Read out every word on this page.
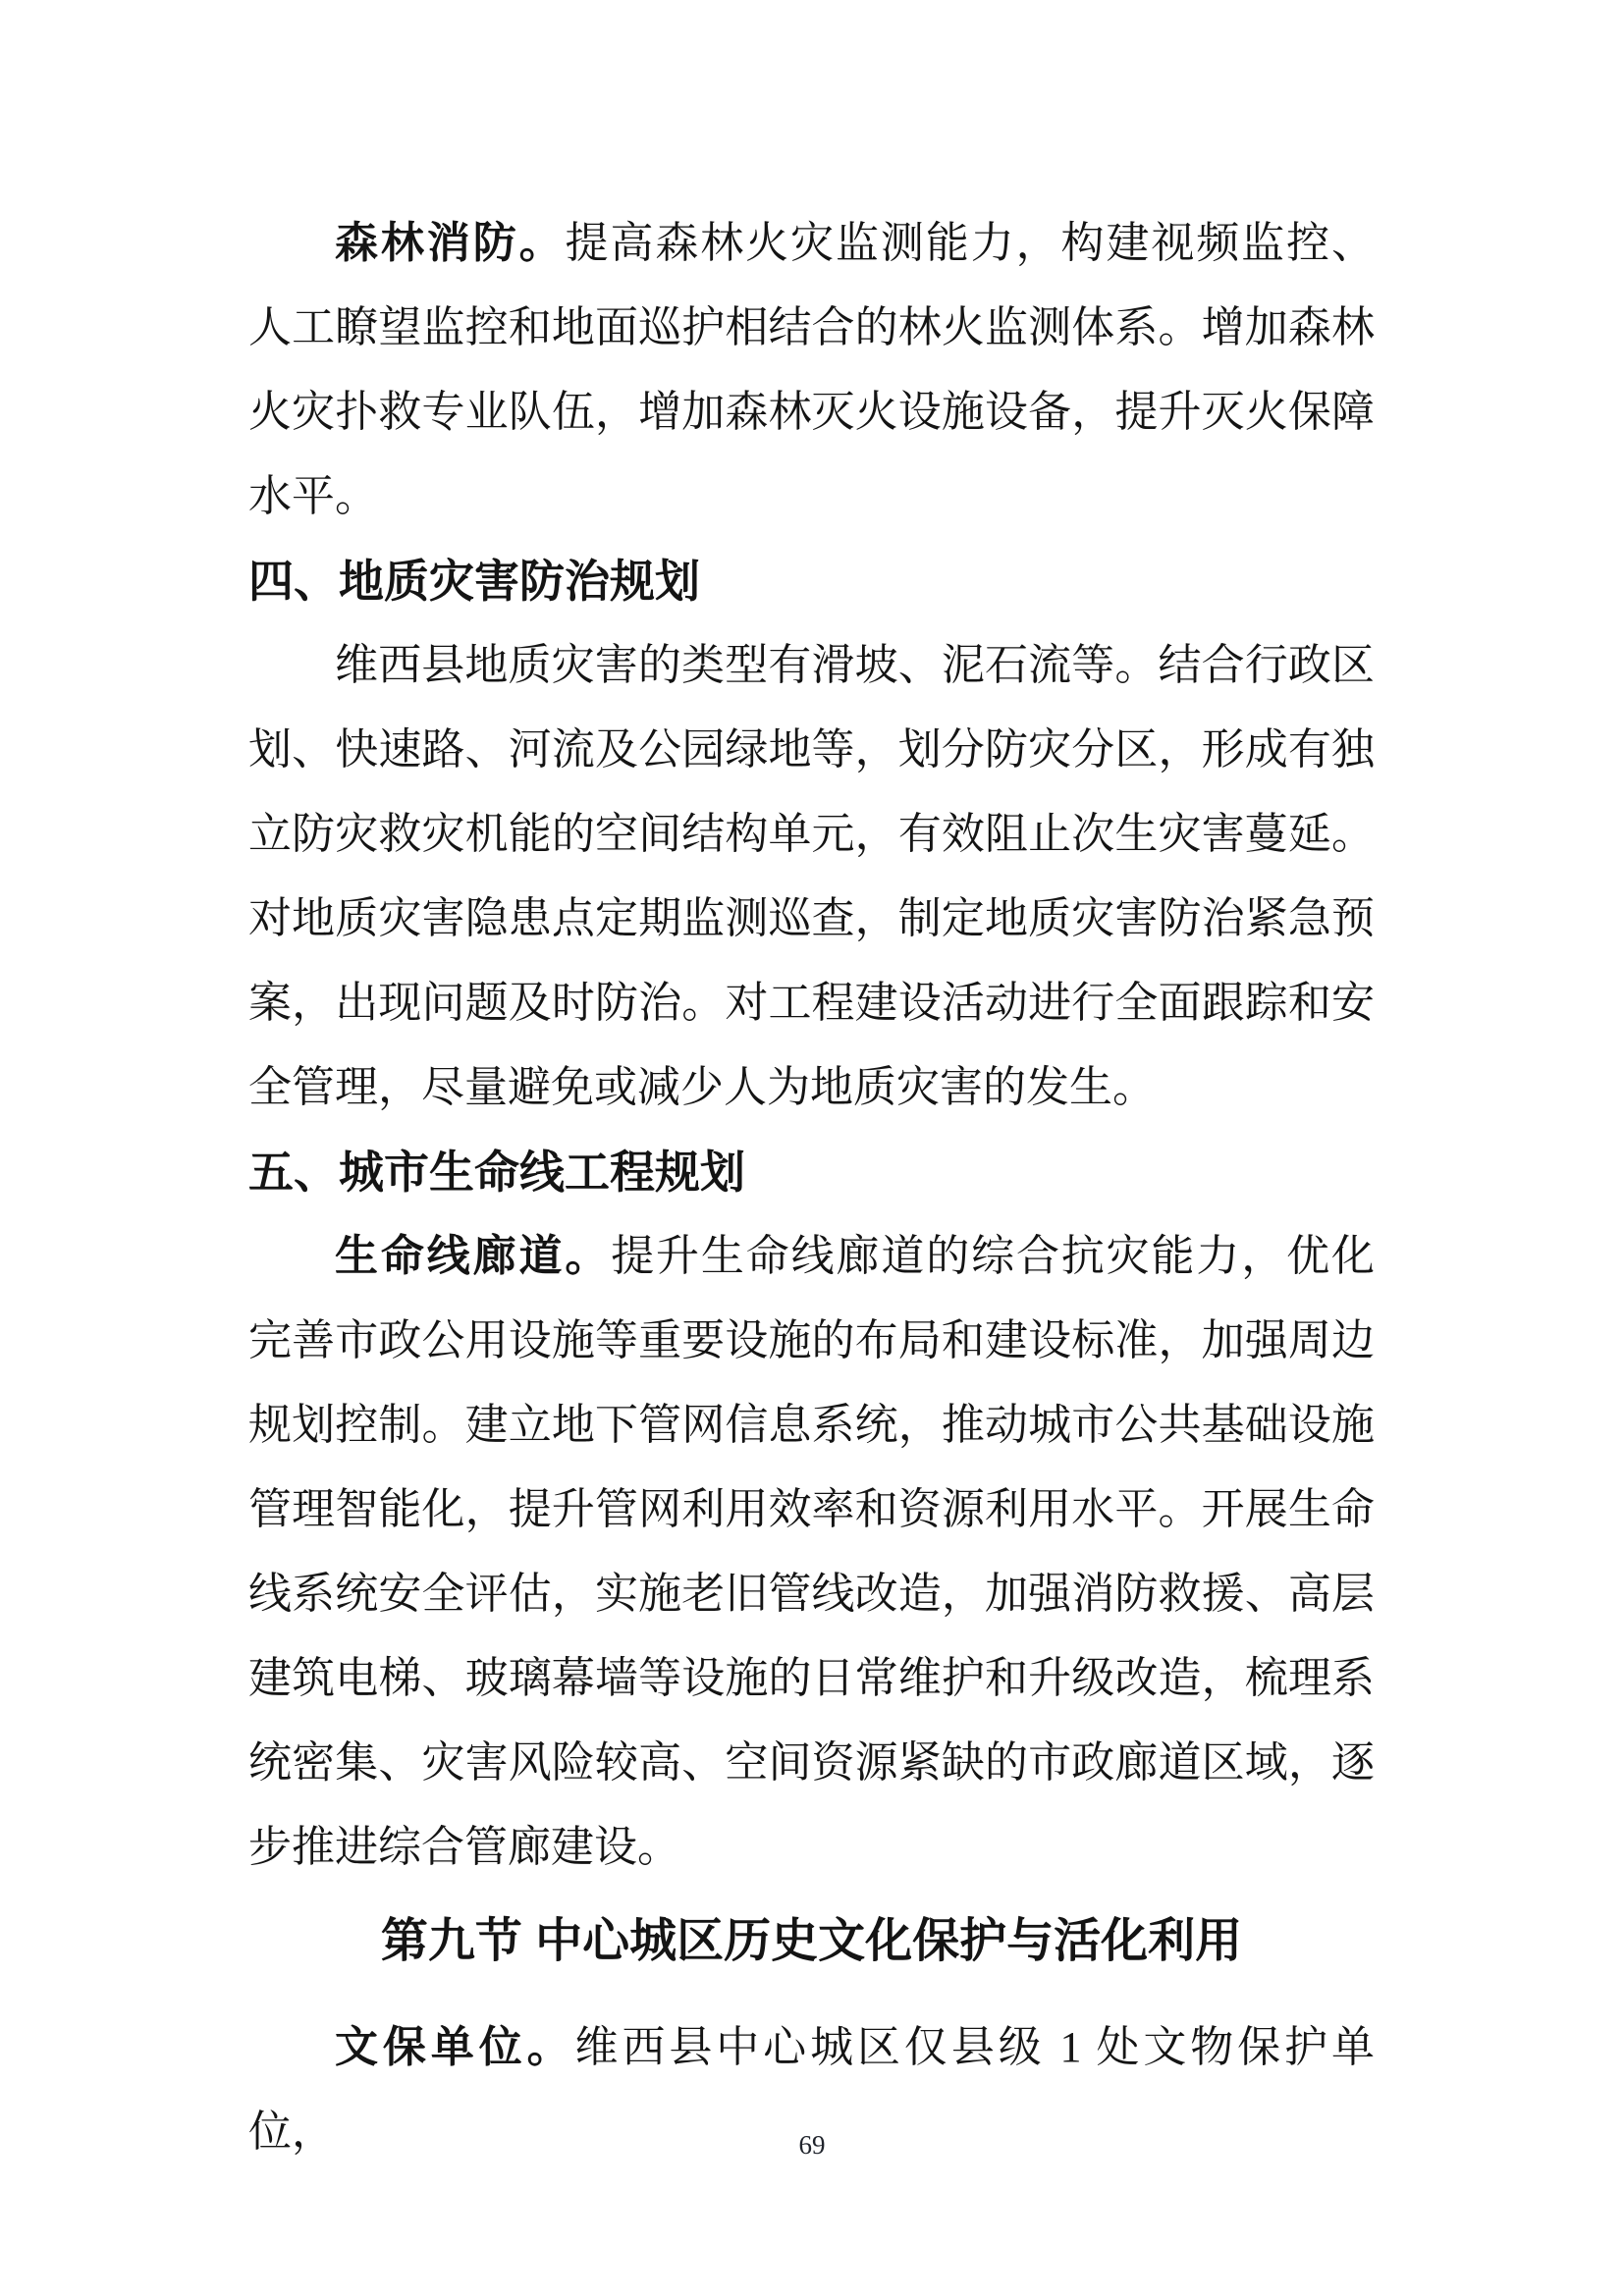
森林消防。提高森林火灾监测能力，构建视频监控、人工瞭望监控和地面巡护相结合的林火监测体系。增加森林火灾扑救专业队伍，增加森林灭火设施设备，提升灭火保障水平。

四、地质灾害防治规划

维西县地质灾害的类型有滑坡、泥石流等。结合行政区划、快速路、河流及公园绿地等，划分防灾分区，形成有独立防灾救灾机能的空间结构单元，有效阻止次生灾害蔓延。对地质灾害隐患点定期监测巡查，制定地质灾害防治紧急预案，出现问题及时防治。对工程建设活动进行全面跟踪和安全管理，尽量避免或减少人为地质灾害的发生。

五、城市生命线工程规划

生命线廊道。提升生命线廊道的综合抗灾能力，优化完善市政公用设施等重要设施的布局和建设标准，加强周边规划控制。建立地下管网信息系统，推动城市公共基础设施管理智能化，提升管网利用效率和资源利用水平。开展生命线系统安全评估，实施老旧管线改造，加强消防救援、高层建筑电梯、玻璃幕墙等设施的日常维护和升级改造，梳理系统密集、灾害风险较高、空间资源紧缺的市政廊道区域，逐步推进综合管廊建设。

第九节 中心城区历史文化保护与活化利用

文保单位。维西县中心城区仅县级 1 处文物保护单位，	69
